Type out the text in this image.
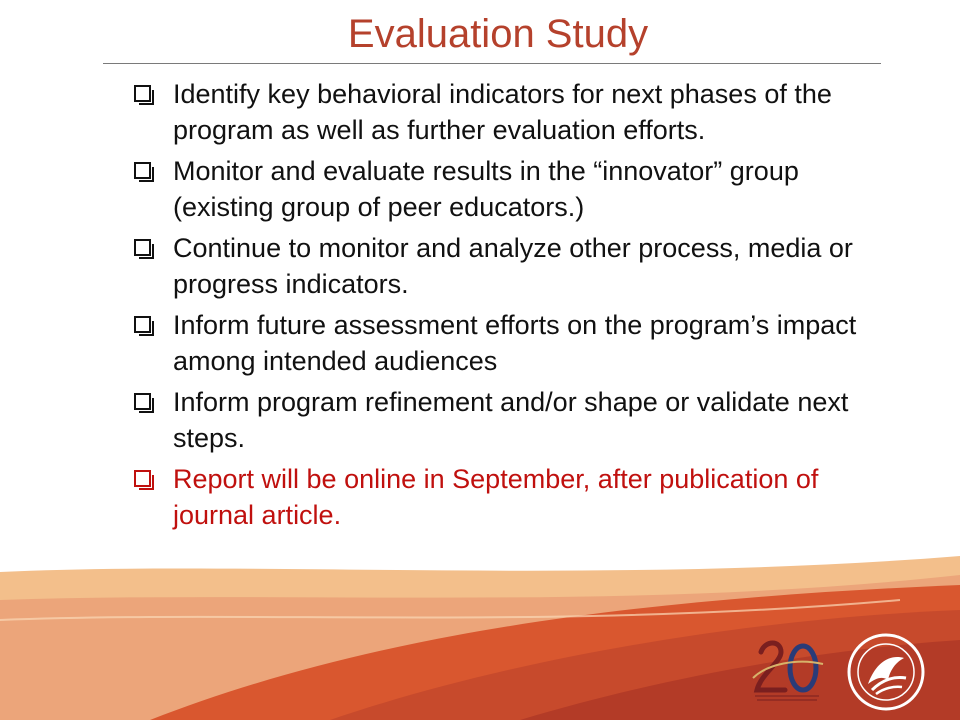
Evaluation Study
Identify key behavioral indicators for next phases of the program as well as further evaluation efforts.
Monitor and evaluate results in the “innovator” group (existing group of peer educators.)
Continue to monitor and analyze other process, media or progress indicators.
Inform future assessment efforts on the program’s impact among intended audiences
Inform program refinement and/or shape or validate next steps.
Report will be online in September, after publication of journal article.
